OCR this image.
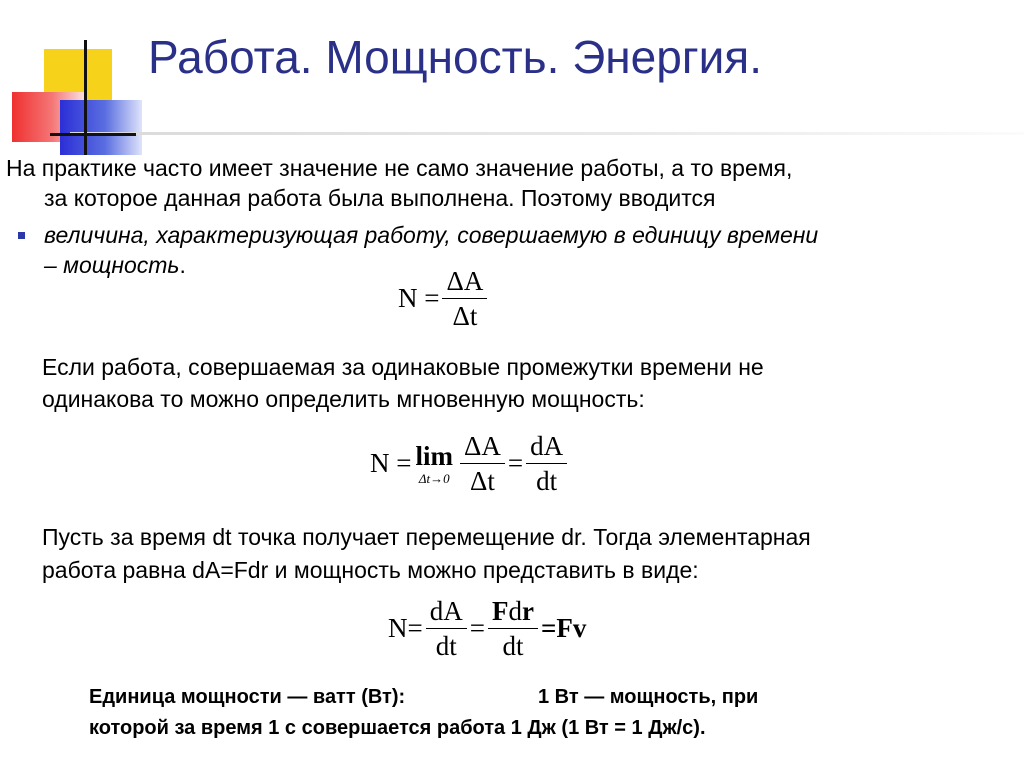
Работа. Мощность. Энергия.
На практике часто имеет значение не само значение работы, а то время,
за которое данная работа была выполнена. Поэтому вводится
величина, характеризующая работу, совершаемую в единицу времени
– мощность.
$N = \frac{\Delta A}{\Delta t}$
Если работа, совершаемая за одинаковые промежутки времени не
одинакова то можно определить мгновенную мощность:
N = lim
$\Delta t\to 0 \frac{\Delta A}{\Delta t} = \frac{dA}{dt}$
Пусть за время dt точка получает перемещение dr. Тогда элементарная
работа равна dA=Fdr и мощность можно представить в виде:
$N= \frac{dA}{dt} = \frac{\text{Fdr}}{dt} =Fv$
Единица мощности — ватт (Вт):	1 Вт — мощность, при
которой за время 1 с совершается работа 1 Дж (1 Вт = 1 Дж/с).
